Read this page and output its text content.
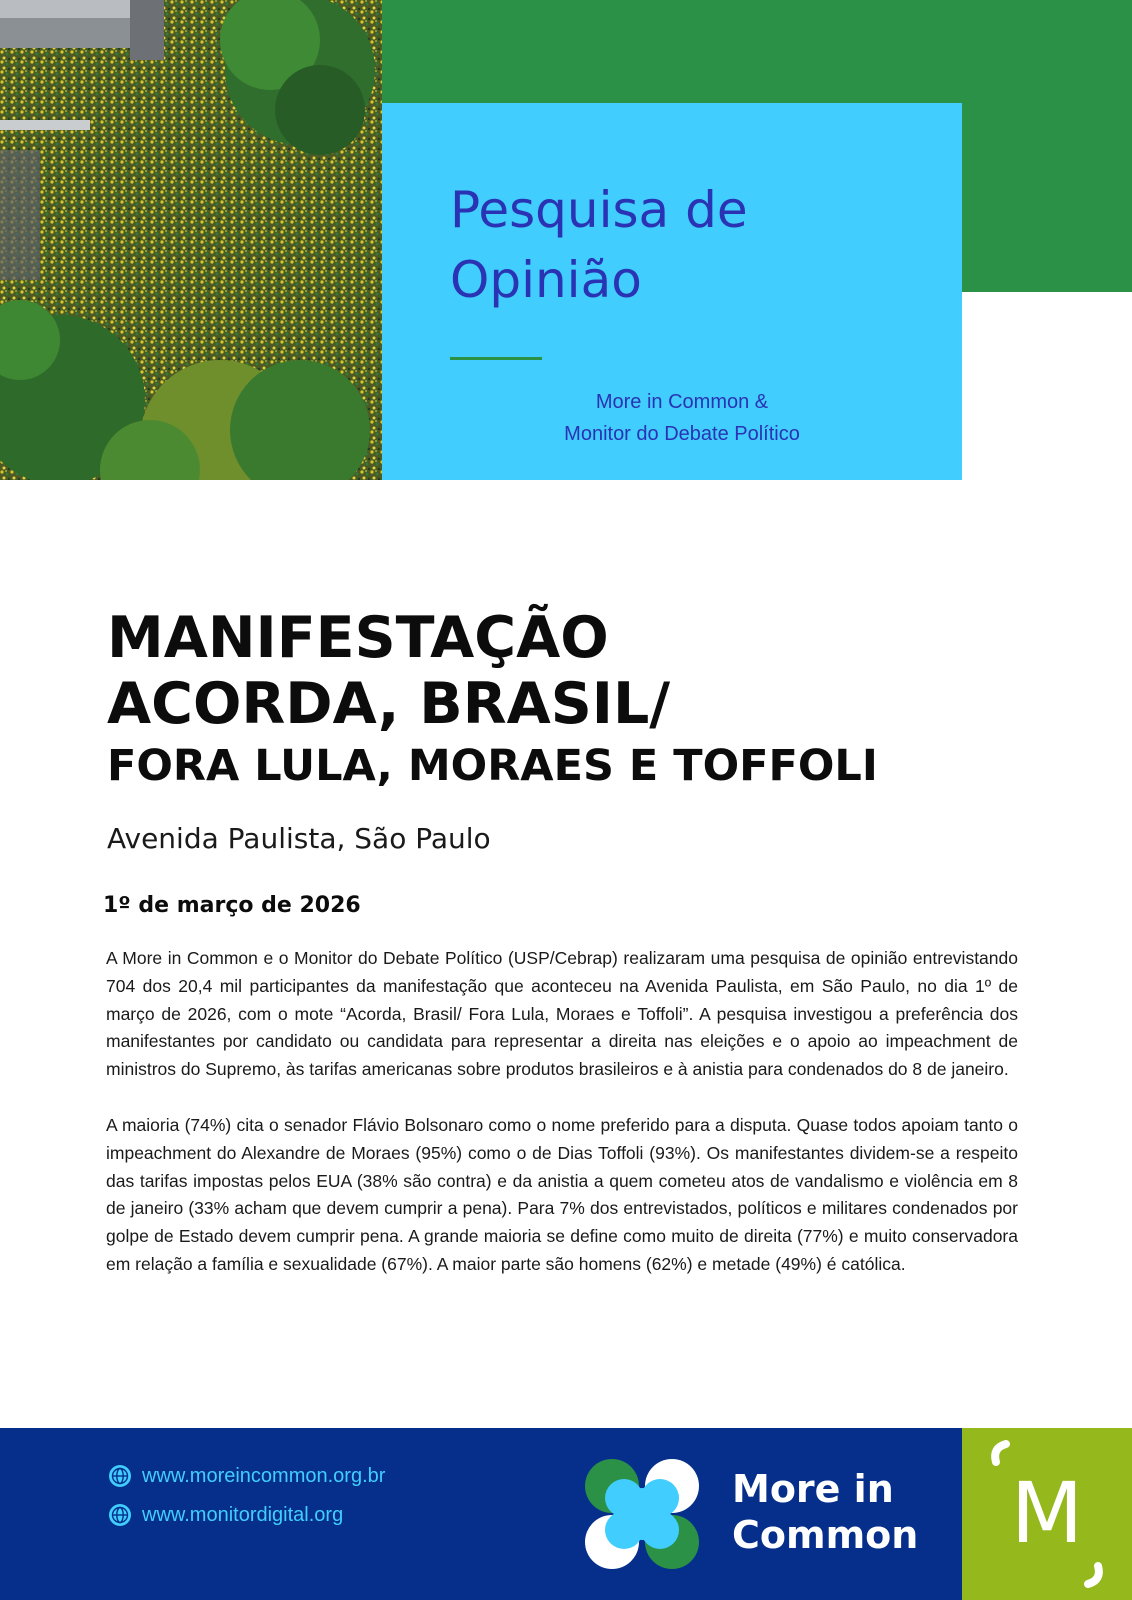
Pesquisa de
Opinião
More in Common &
Monitor do Debate Político
MANIFESTAÇÃO
ACORDA, BRASIL/
FORA LULA, MORAES E TOFFOLI
Avenida Paulista, São Paulo
1º de março de 2026

A More in Common e o Monitor do Debate Político (USP/Cebrap) realizaram uma pesquisa de opinião entrevistando 704 dos 20,4 mil participantes da manifestação que aconteceu na Avenida Paulista, em São Paulo, no dia 1º de março de 2026, com o mote “Acorda, Brasil/ Fora Lula, Moraes e Toffoli”. A pesquisa investigou a preferência dos manifestantes por candidato ou candidata para representar a direita nas eleições e o apoio ao impeachment de ministros do Supremo, às tarifas americanas sobre produtos brasileiros e à anistia para condenados do 8 de janeiro.

A maioria (74%) cita o senador Flávio Bolsonaro como o nome preferido para a disputa. Quase todos apoiam tanto o impeachment do Alexandre de Moraes (95%) como o de Dias Toffoli (93%). Os manifestantes dividem-se a respeito das tarifas impostas pelos EUA (38% são contra) e da anistia a quem cometeu atos de vandalismo e violência em 8 de janeiro (33% acham que devem cumprir a pena). Para 7% dos entrevistados, políticos e militares condenados por golpe de Estado devem cumprir pena. A grande maioria se define como muito de direita (77%) e muito conservadora em relação a família e sexualidade (67%). A maior parte são homens (62%) e metade (49%) é católica.

www.moreincommon.org.br
www.monitordigital.org
More in
Common	M
